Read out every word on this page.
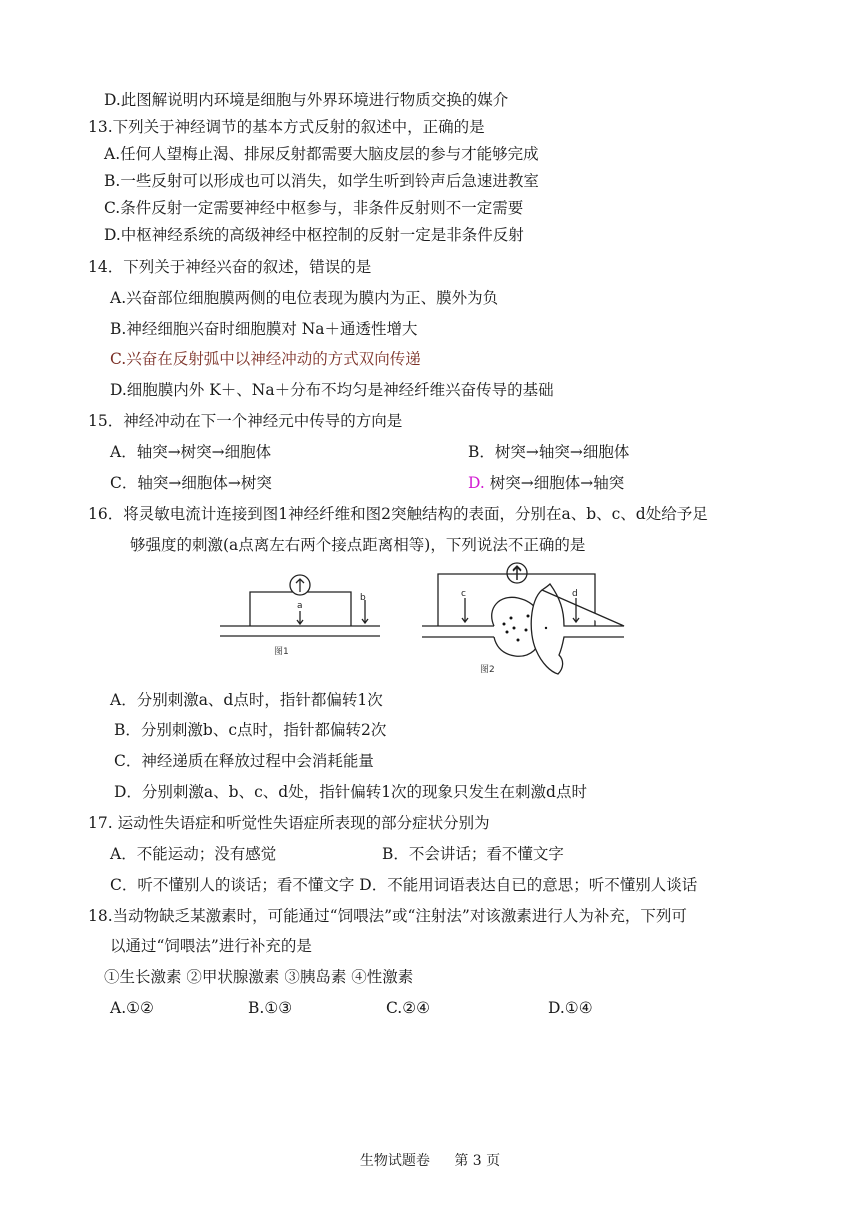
D.此图解说明内环境是细胞与外界环境进行物质交换的媒介
13.下列关于神经调节的基本方式反射的叙述中，正确的是
A.任何人望梅止渴、排尿反射都需要大脑皮层的参与才能够完成
B.一些反射可以形成也可以消失，如学生听到铃声后急速进教室
C.条件反射一定需要神经中枢参与，非条件反射则不一定需要
D.中枢神经系统的高级神经中枢控制的反射一定是非条件反射
14．下列关于神经兴奋的叙述，错误的是
A.兴奋部位细胞膜两侧的电位表现为膜内为正、膜外为负
B.神经细胞兴奋时细胞膜对 Na＋通透性增大
C.兴奋在反射弧中以神经冲动的方式双向传递
D.细胞膜内外 K＋、Na＋分布不均匀是神经纤维兴奋传导的基础
15．神经冲动在下一个神经元中传导的方向是
A．轴突→树突→细胞体	B．树突→轴突→细胞体
C．轴突→细胞体→树突	D. 树突→细胞体→轴突
16．将灵敏电流计连接到图1神经纤维和图2突触结构的表面，分别在a、b、c、d处给予足
够强度的刺激(a点离左右两个接点距离相等)，下列说法不正确的是
a
b
图1
c	d
图2
A．分别刺激a、d点时，指针都偏转1次
B．分别刺激b、c点时，指针都偏转2次
C．神经递质在释放过程中会消耗能量
D．分别刺激a、b、c、d处，指针偏转1次的现象只发生在刺激d点时
17. 运动性失语症和听觉性失语症所表现的部分症状分别为
A．不能运动；没有感觉	B．不会讲话；看不懂文字
C．听不懂别人的谈话；看不懂文字 D．不能用词语表达自已的意思；听不懂别人谈话
18.当动物缺乏某激素时，可能通过“饲喂法”或“注射法”对该激素进行人为补充，下列可
以通过“饲喂法”进行补充的是
①生长激素 ②甲状腺激素 ③胰岛素 ④性激素
A.①②	B.①③	C.②④	D.①④
生物试题卷 第 3 页
